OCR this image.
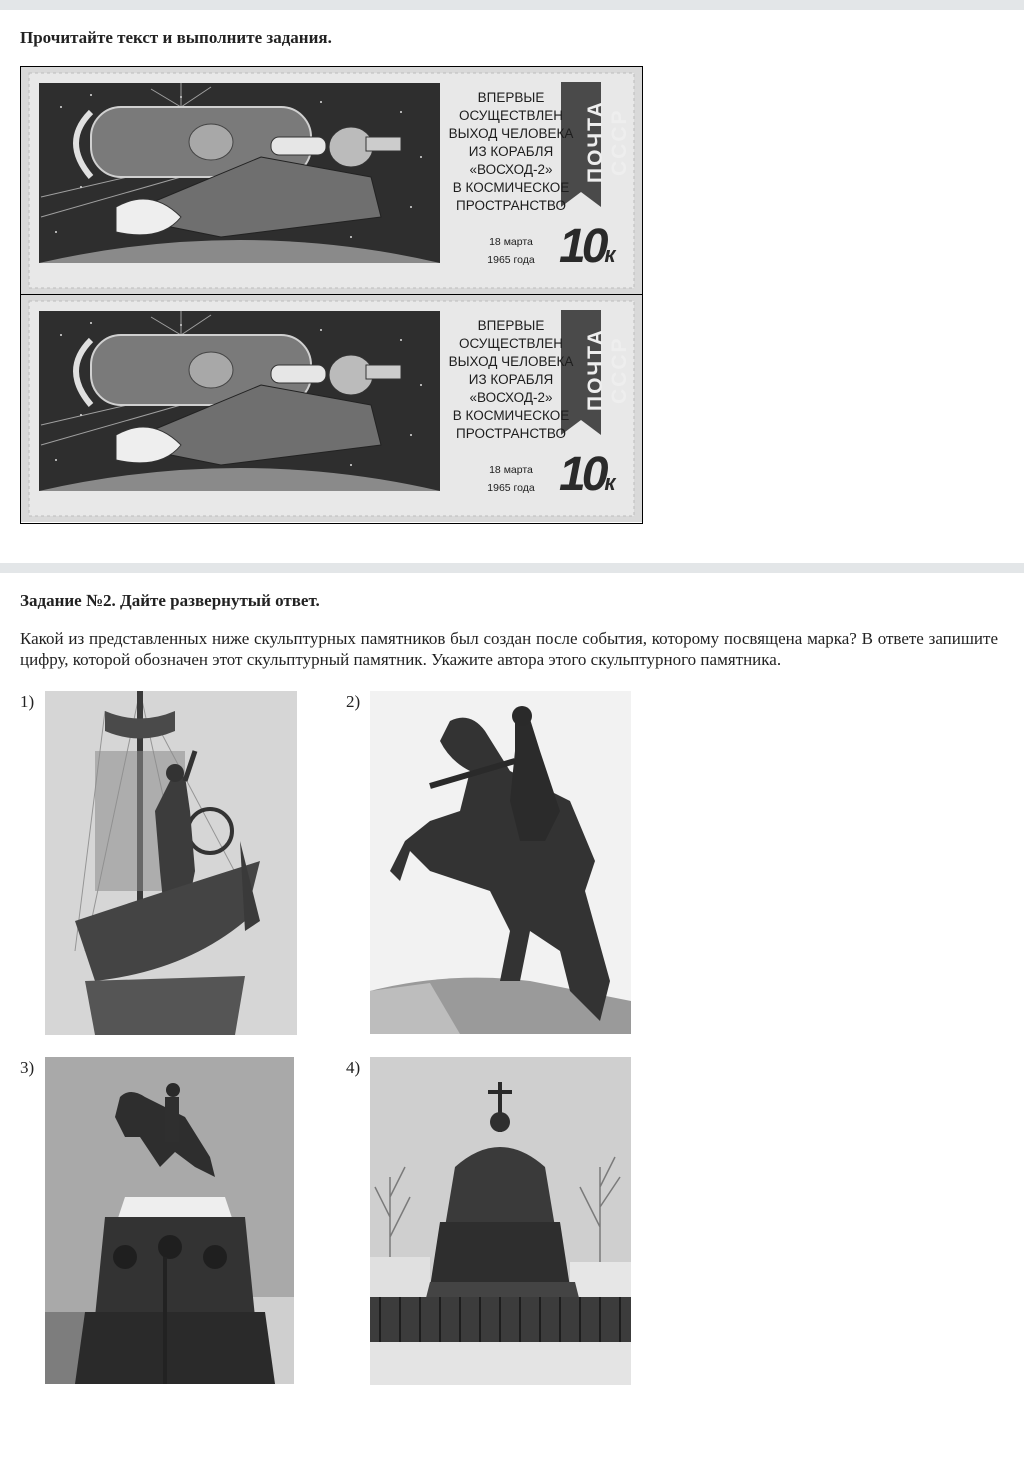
Прочитайте текст и выполните задания.
ВПЕРВЫЕ
ОСУЩЕСТВЛЕН
ВЫХОД ЧЕЛОВЕКА
ИЗ КОРАБЛЯ
«ВОСХОД-2»
В КОСМИЧЕСКОЕ
ПРОСТРАНСТВО
18 марта
1965 года
ПОЧТА СССР
10к
ВПЕРВЫЕ
ОСУЩЕСТВЛЕН
ВЫХОД ЧЕЛОВЕКА
ИЗ КОРАБЛЯ
«ВОСХОД-2»
В КОСМИЧЕСКОЕ
ПРОСТРАНСТВО
18 марта
1965 года
ПОЧТА СССР
10к
Задание №2. Дайте развернутый ответ.
Какой из представленных ниже скульптурных памятников был создан после события, которому посвящена марка? В ответе запишите цифру, которой обозначен этот скульптурный памятник. Укажите автора этого скульптурного памятника.
1)	2)
3)	4)
